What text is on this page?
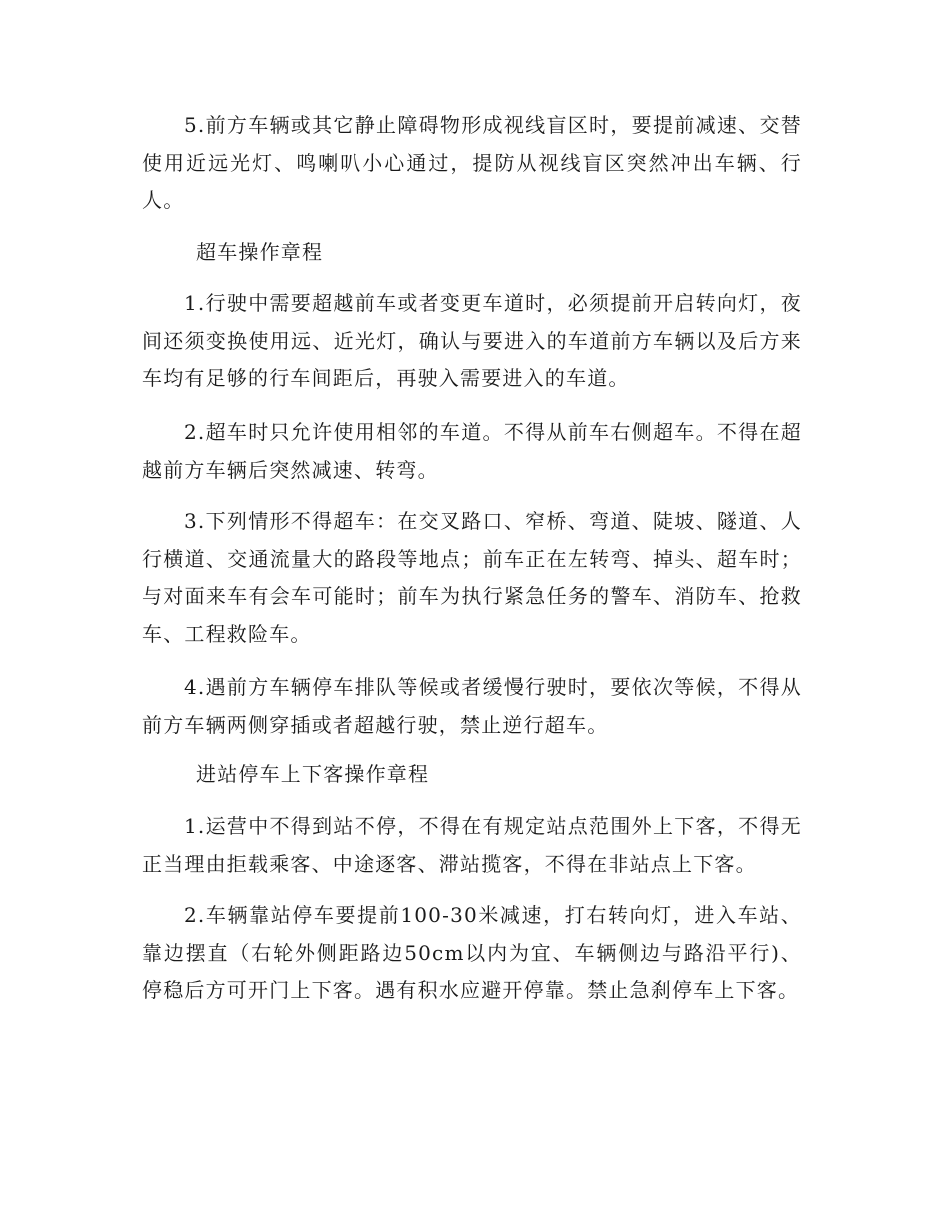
5.前方车辆或其它静止障碍物形成视线盲区时，要提前减速、交替使用近远光灯、鸣喇叭小心通过，提防从视线盲区突然冲出车辆、行人。

超车操作章程

1.行驶中需要超越前车或者变更车道时，必须提前开启转向灯，夜间还须变换使用远、近光灯，确认与要进入的车道前方车辆以及后方来车均有足够的行车间距后，再驶入需要进入的车道。

2.超车时只允许使用相邻的车道。不得从前车右侧超车。不得在超越前方车辆后突然减速、转弯。

3.下列情形不得超车：在交叉路口、窄桥、弯道、陡坡、隧道、人行横道、交通流量大的路段等地点；前车正在左转弯、掉头、超车时；与对面来车有会车可能时；前车为执行紧急任务的警车、消防车、抢救车、工程救险车。

4.遇前方车辆停车排队等候或者缓慢行驶时，要依次等候，不得从前方车辆两侧穿插或者超越行驶，禁止逆行超车。

进站停车上下客操作章程

1.运营中不得到站不停，不得在有规定站点范围外上下客，不得无正当理由拒载乘客、中途逐客、滞站揽客，不得在非站点上下客。

2.车辆靠站停车要提前100-30米减速，打右转向灯，进入车站、靠边摆直（右轮外侧距路边50cm以内为宜、车辆侧边与路沿平行)、停稳后方可开门上下客。遇有积水应避开停靠。禁止急刹停车上下客。
